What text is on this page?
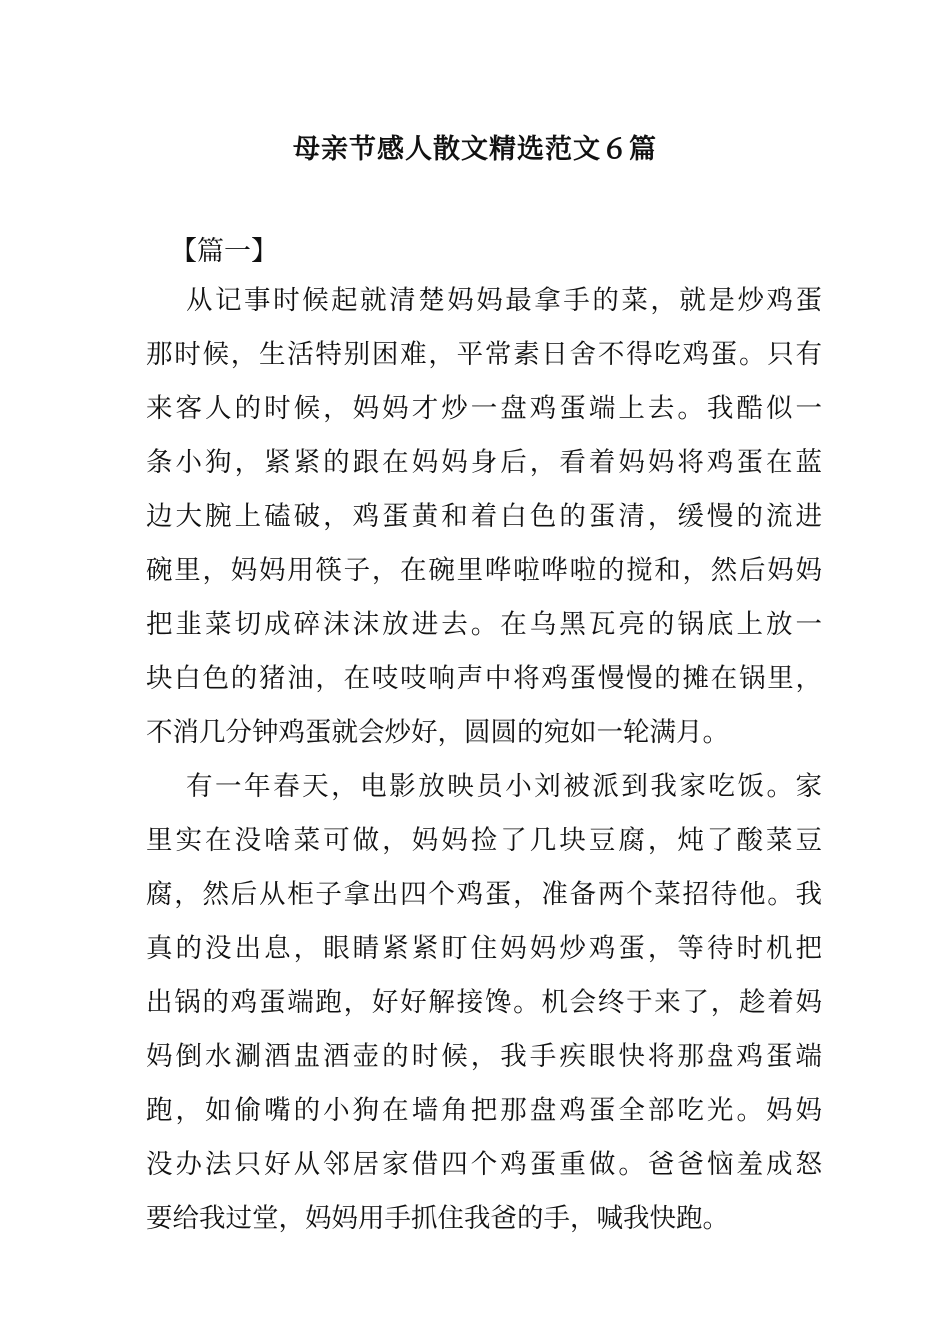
母亲节感人散文精选范文６篇
【篇一】
从记事时候起就清楚妈妈最拿手的菜，就是炒鸡蛋
那时候，生活特别困难，平常素日舍不得吃鸡蛋。只有
来客人的时候，妈妈才炒一盘鸡蛋端上去。我酷似一
条小狗，紧紧的跟在妈妈身后，看着妈妈将鸡蛋在蓝
边大腕上磕破，鸡蛋黄和着白色的蛋清，缓慢的流进
碗里，妈妈用筷子，在碗里哗啦哗啦的搅和，然后妈妈
把韭菜切成碎沫沫放进去。在乌黑瓦亮的锅底上放一
块白色的猪油，在吱吱响声中将鸡蛋慢慢的摊在锅里，
不消几分钟鸡蛋就会炒好，圆圆的宛如一轮满月。
有一年春天，电影放映员小刘被派到我家吃饭。家
里实在没啥菜可做，妈妈捡了几块豆腐，炖了酸菜豆
腐，然后从柜子拿出四个鸡蛋，准备两个菜招待他。我
真的没出息，眼睛紧紧盯住妈妈炒鸡蛋，等待时机把
出锅的鸡蛋端跑，好好解接馋。机会终于来了，趁着妈
妈倒水涮酒盅酒壶的时候，我手疾眼快将那盘鸡蛋端
跑，如偷嘴的小狗在墙角把那盘鸡蛋全部吃光。妈妈
没办法只好从邻居家借四个鸡蛋重做。爸爸恼羞成怒
要给我过堂，妈妈用手抓住我爸的手，喊我快跑。
